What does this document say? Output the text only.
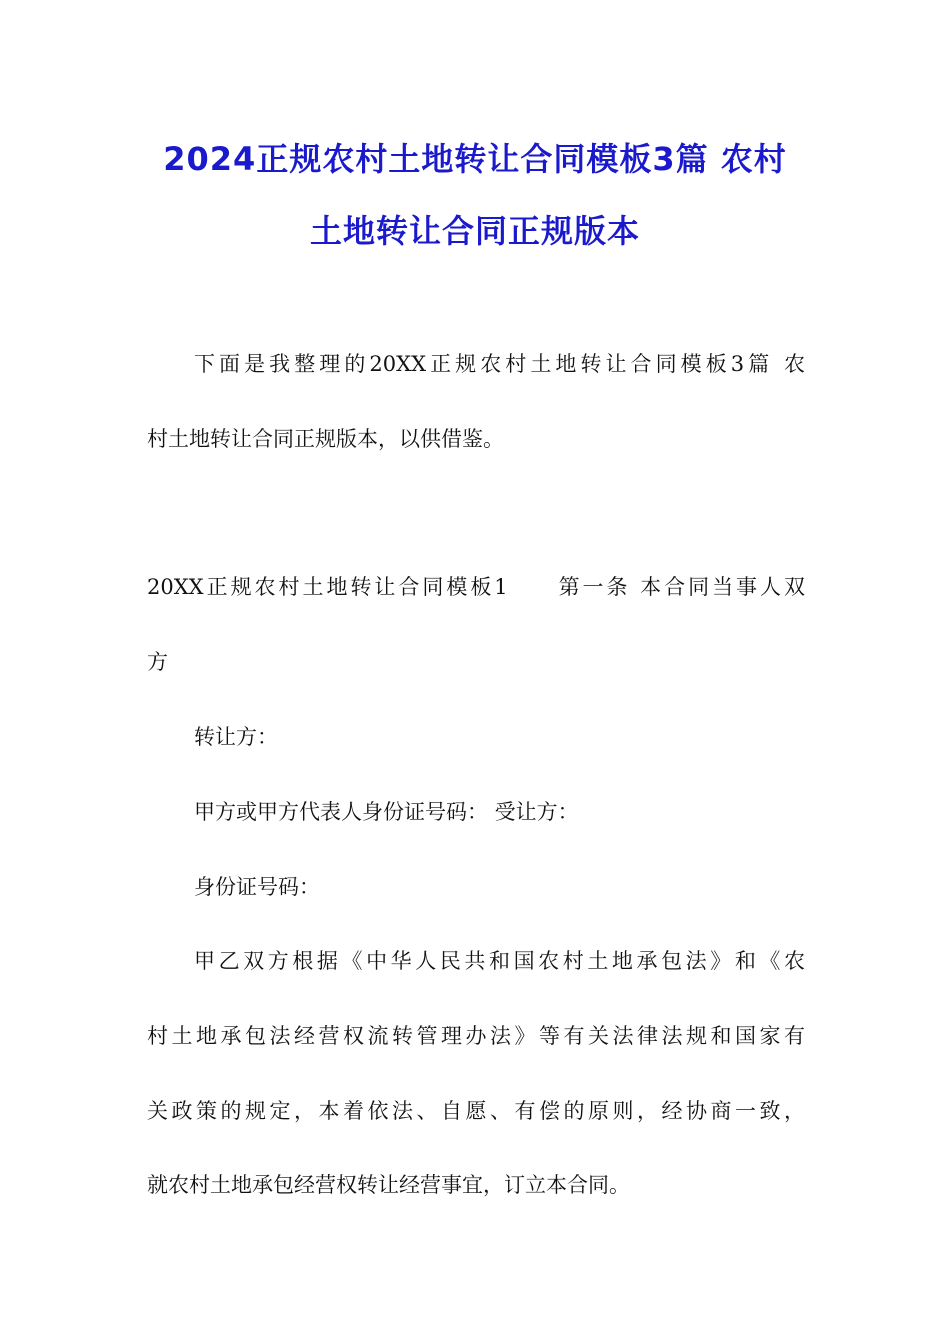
2024正规农村土地转让合同模板3篇 农村
土地转让合同正规版本
下面是我整理的20XX正规农村土地转让合同模板3篇 农
村土地转让合同正规版本，以供借鉴。
20XX正规农村土地转让合同模板1　　第一条 本合同当事人双
方
转让方：
甲方或甲方代表人身份证号码： 受让方：
身份证号码：
甲乙双方根据《中华人民共和国农村土地承包法》和《农
村土地承包法经营权流转管理办法》等有关法律法规和国家有
关政策的规定，本着依法、自愿、有偿的原则，经协商一致，
就农村土地承包经营权转让经营事宜，订立本合同。
